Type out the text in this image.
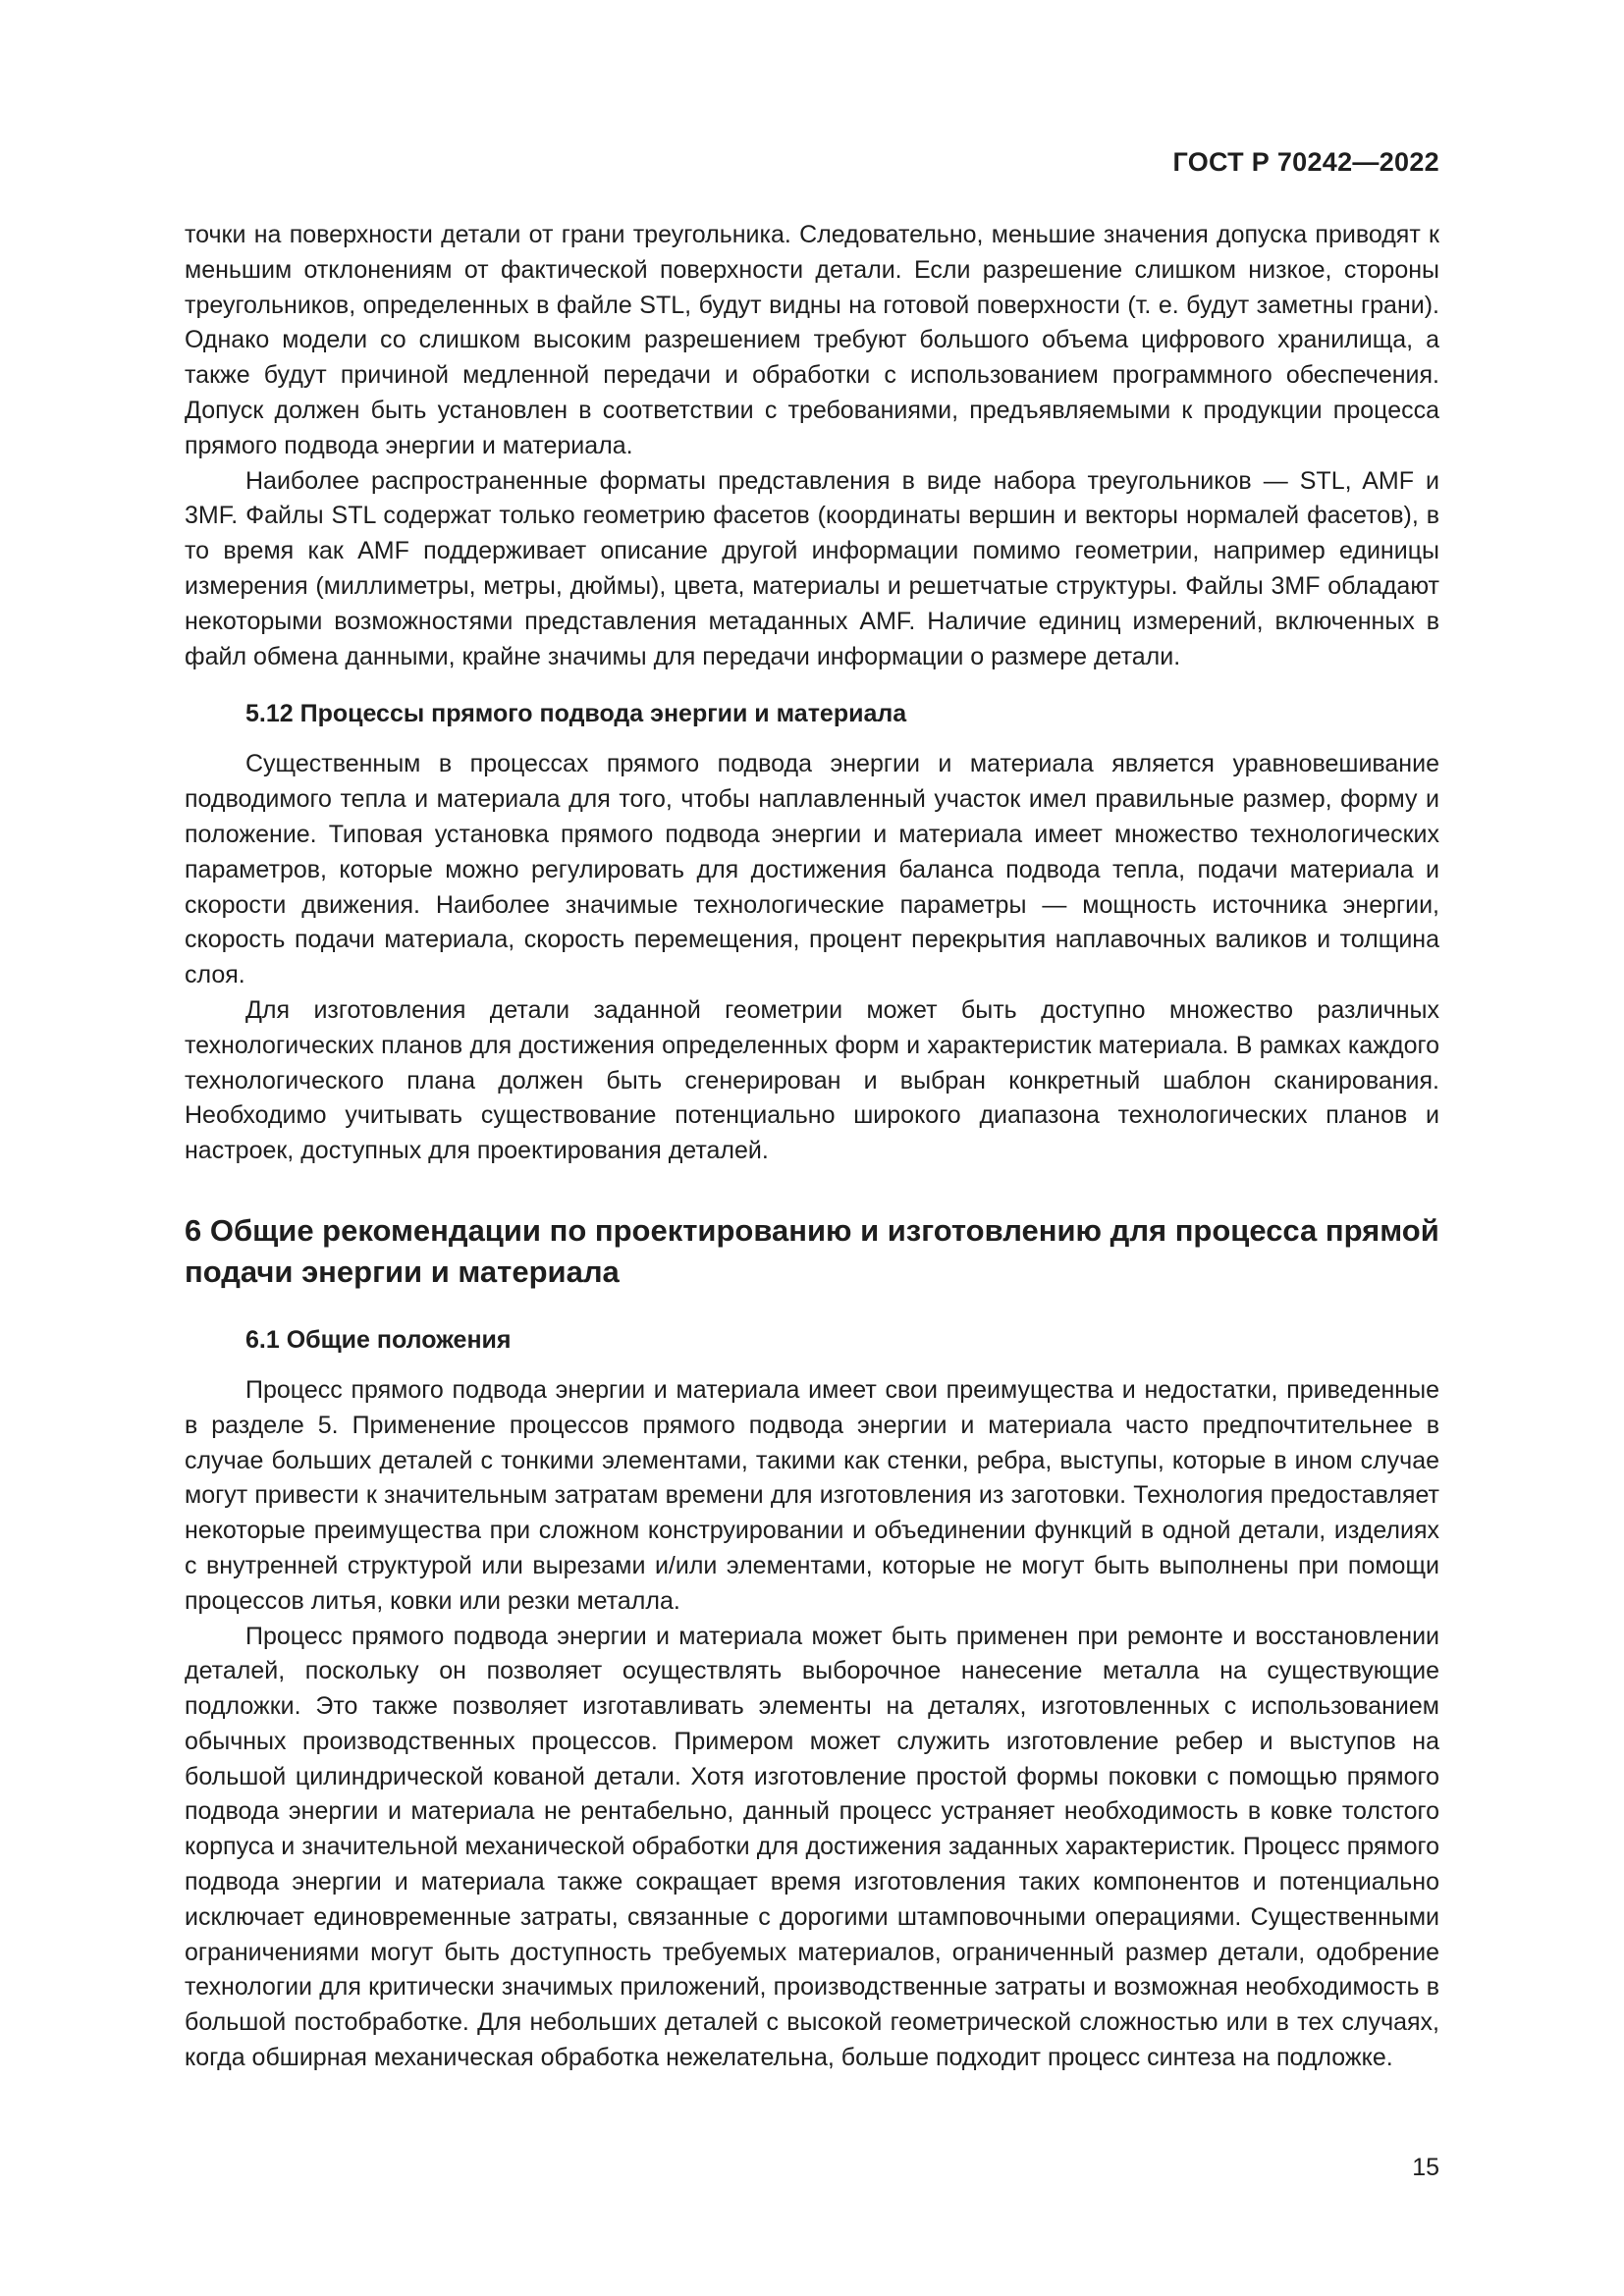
ГОСТ Р 70242—2022

точки на поверхности детали от грани треугольника. Следовательно, меньшие значения допуска приводят к меньшим отклонениям от фактической поверхности детали. Если разрешение слишком низкое, стороны треугольников, определенных в файле STL, будут видны на готовой поверхности (т. е. будут заметны грани). Однако модели со слишком высоким разрешением требуют большого объема цифрового хранилища, а также будут причиной медленной передачи и обработки с использованием программного обеспечения. Допуск должен быть установлен в соответствии с требованиями, предъявляемыми к продукции процесса прямого подвода энергии и материала.

Наиболее распространенные форматы представления в виде набора треугольников — STL, AMF и 3MF. Файлы STL содержат только геометрию фасетов (координаты вершин и векторы нормалей фасетов), в то время как AMF поддерживает описание другой информации помимо геометрии, например единицы измерения (миллиметры, метры, дюймы), цвета, материалы и решетчатые структуры. Файлы 3MF обладают некоторыми возможностями представления метаданных AMF. Наличие единиц измерений, включенных в файл обмена данными, крайне значимы для передачи информации о размере детали.

5.12 Процессы прямого подвода энергии и материала

Существенным в процессах прямого подвода энергии и материала является уравновешивание подводимого тепла и материала для того, чтобы наплавленный участок имел правильные размер, форму и положение. Типовая установка прямого подвода энергии и материала имеет множество технологических параметров, которые можно регулировать для достижения баланса подвода тепла, подачи материала и скорости движения. Наиболее значимые технологические параметры — мощность источника энергии, скорость подачи материала, скорость перемещения, процент перекрытия наплавочных валиков и толщина слоя.

Для изготовления детали заданной геометрии может быть доступно множество различных технологических планов для достижения определенных форм и характеристик материала. В рамках каждого технологического плана должен быть сгенерирован и выбран конкретный шаблон сканирования. Необходимо учитывать существование потенциально широкого диапазона технологических планов и настроек, доступных для проектирования деталей.

6 Общие рекомендации по проектированию и изготовлению для процесса прямой подачи энергии и материала
6.1 Общие положения

Процесс прямого подвода энергии и материала имеет свои преимущества и недостатки, приведенные в разделе 5. Применение процессов прямого подвода энергии и материала часто предпочтительнее в случае больших деталей с тонкими элементами, такими как стенки, ребра, выступы, которые в ином случае могут привести к значительным затратам времени для изготовления из заготовки. Технология предоставляет некоторые преимущества при сложном конструировании и объединении функций в одной детали, изделиях с внутренней структурой или вырезами и/или элементами, которые не могут быть выполнены при помощи процессов литья, ковки или резки металла.

Процесс прямого подвода энергии и материала может быть применен при ремонте и восстановлении деталей, поскольку он позволяет осуществлять выборочное нанесение металла на существующие подложки. Это также позволяет изготавливать элементы на деталях, изготовленных с использованием обычных производственных процессов. Примером может служить изготовление ребер и выступов на большой цилиндрической кованой детали. Хотя изготовление простой формы поковки с помощью прямого подвода энергии и материала не рентабельно, данный процесс устраняет необходимость в ковке толстого корпуса и значительной механической обработки для достижения заданных характеристик. Процесс прямого подвода энергии и материала также сокращает время изготовления таких компонентов и потенциально исключает единовременные затраты, связанные с дорогими штамповочными операциями. Существенными ограничениями могут быть доступность требуемых материалов, ограниченный размер детали, одобрение технологии для критически значимых приложений, производственные затраты и возможная необходимость в большой постобработке. Для небольших деталей с высокой геометрической сложностью или в тех случаях, когда обширная механическая обработка нежелательна, больше подходит процесс синтеза на подложке.

15
